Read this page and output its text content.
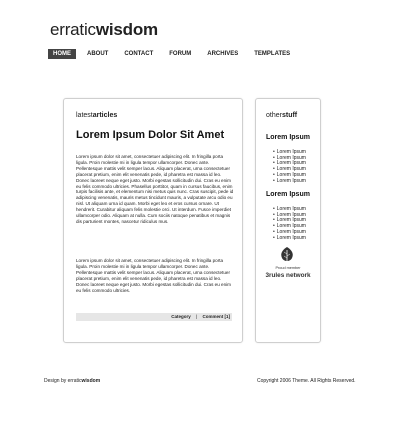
erraticwisdom
HOME	ABOUT	CONTACT	FORUM	ARCHIVES	TEMPLATES
latestarticles
Lorem Ipsum Dolor Sit Amet
Lorem ipsum dolor sit amet, consectetuer adipiscing elit. In fringilla porta ligula. Proin molestie mi in ligula tempor ullamcorper. Donec ante. Pellentesque mattis velit semper lacus. Aliquam placerat, urna consectetuer placerat pretium, enim elit venenatis pede, id pharetra est massa id leo. Donec laoreet neque eget justo. Morbi egestas sollicitudin dui. Cras eu enim eu felis commodo ultricies. Phasellus porttitor, quam in cursus faucibus, enim turpis facilisis ante, et elementum nisi metus quis nunc. Cras suscipit, pede id adipiscing venenatis, mauris metus tincidunt mauris, a vulputate arcu odio eu nisl. Ut aliquam urna id quam. Morbi eget leo et eros cursus ornare. Ut hendrerit. Curabitur aliquam felis molestie orci. Ut interdum. Fusce imperdiet ullamcorper odio. Aliquam at nulla. Cum sociis natoque penatibus et magnis dis parturient montes, nascetur ridiculus mus.
Lorem ipsum dolor sit amet, consectetuer adipiscing elit. In fringilla porta ligula. Proin molestie mi in ligula tempor ullamcorper. Donec ante. Pellentesque mattis velit semper lacus. Aliquam placerat, urna consectetuer placerat pretium, enim elit venenatis pede, id pharetra est massa id leo. Donec laoreet neque eget justo. Morbi egestas sollicitudin dui. Cras eu enim eu felis commodo ultricies.
Category | Comment [1]
otherstuff
Lorem Ipsum
• Lorem Ipsum
• Lorem Ipsum
• Lorem Ipsum
• Lorem Ipsum
• Lorem Ipsum
• Lorem Ipsum
Lorem Ipsum
• Lorem Ipsum
• Lorem Ipsum
• Lorem Ipsum
• Lorem Ipsum
• Lorem Ipsum
• Lorem Ipsum
Proud member
3rules network
Design by erraticwisdom	Copyright 2006 Theme. All Rights Reserved.
